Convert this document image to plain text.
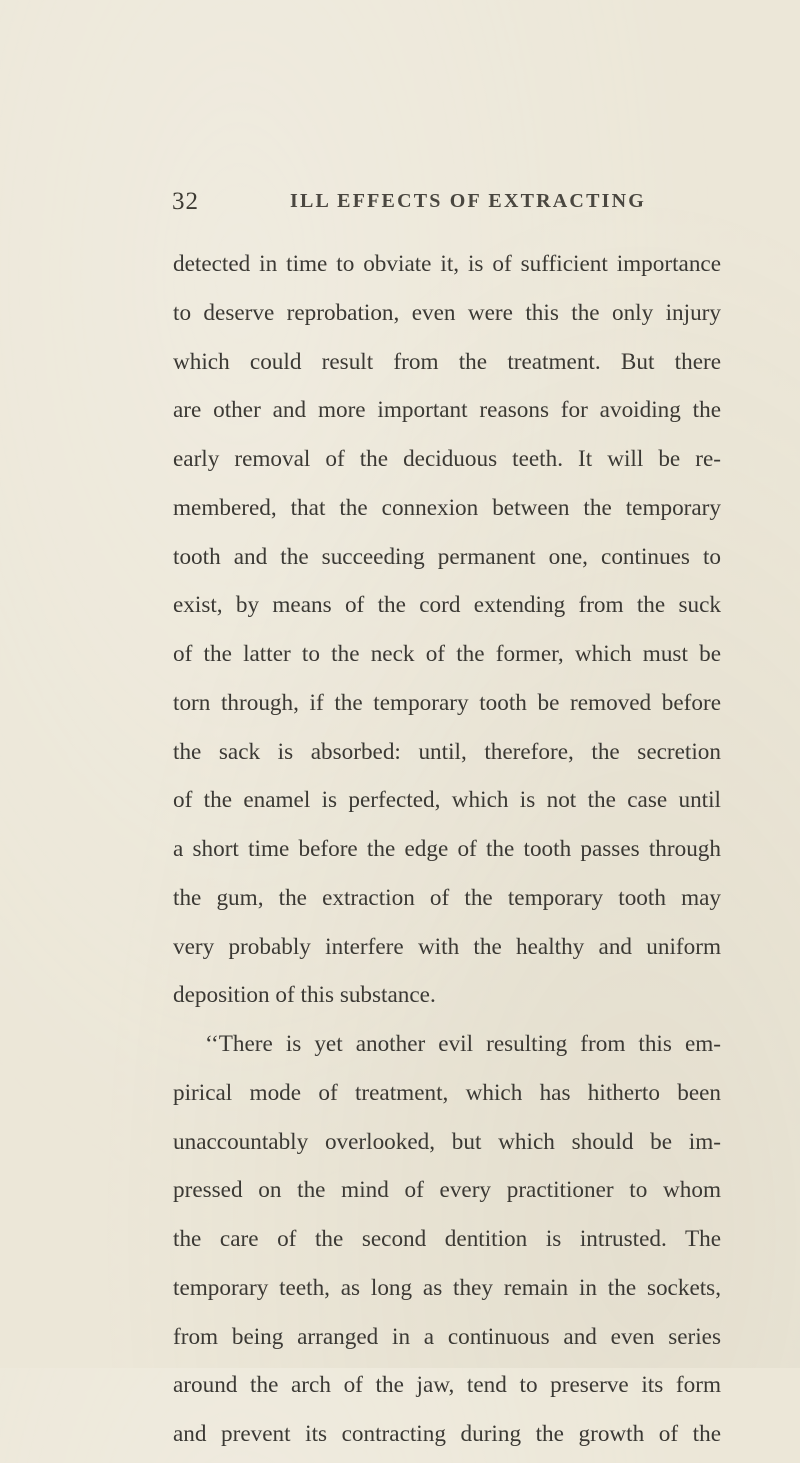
32	ILL EFFECTS OF EXTRACTING
detected in time to obviate it, is of sufficient importance
to deserve reprobation, even were this the only injury
which could result from the treatment. But there
are other and more important reasons for avoiding the
early removal of the deciduous teeth. It will be re-
membered, that the connexion between the temporary
tooth and the succeeding permanent one, continues to
exist, by means of the cord extending from the suck
of the latter to the neck of the former, which must be
torn through, if the temporary tooth be removed before
the sack is absorbed: until, therefore, the secretion
of the enamel is perfected, which is not the case until
a short time before the edge of the tooth passes through
the gum, the extraction of the temporary tooth may
very probably interfere with the healthy and uniform
deposition of this substance.
‘‘There is yet another evil resulting from this em-
pirical mode of treatment, which has hitherto been
unaccountably overlooked, but which should be im-
pressed on the mind of every practitioner to whom
the care of the second dentition is intrusted. The
temporary teeth, as long as they remain in the sockets,
from being arranged in a continuous and even series
around the arch of the jaw, tend to preserve its form
and prevent its contracting during the growth of the
